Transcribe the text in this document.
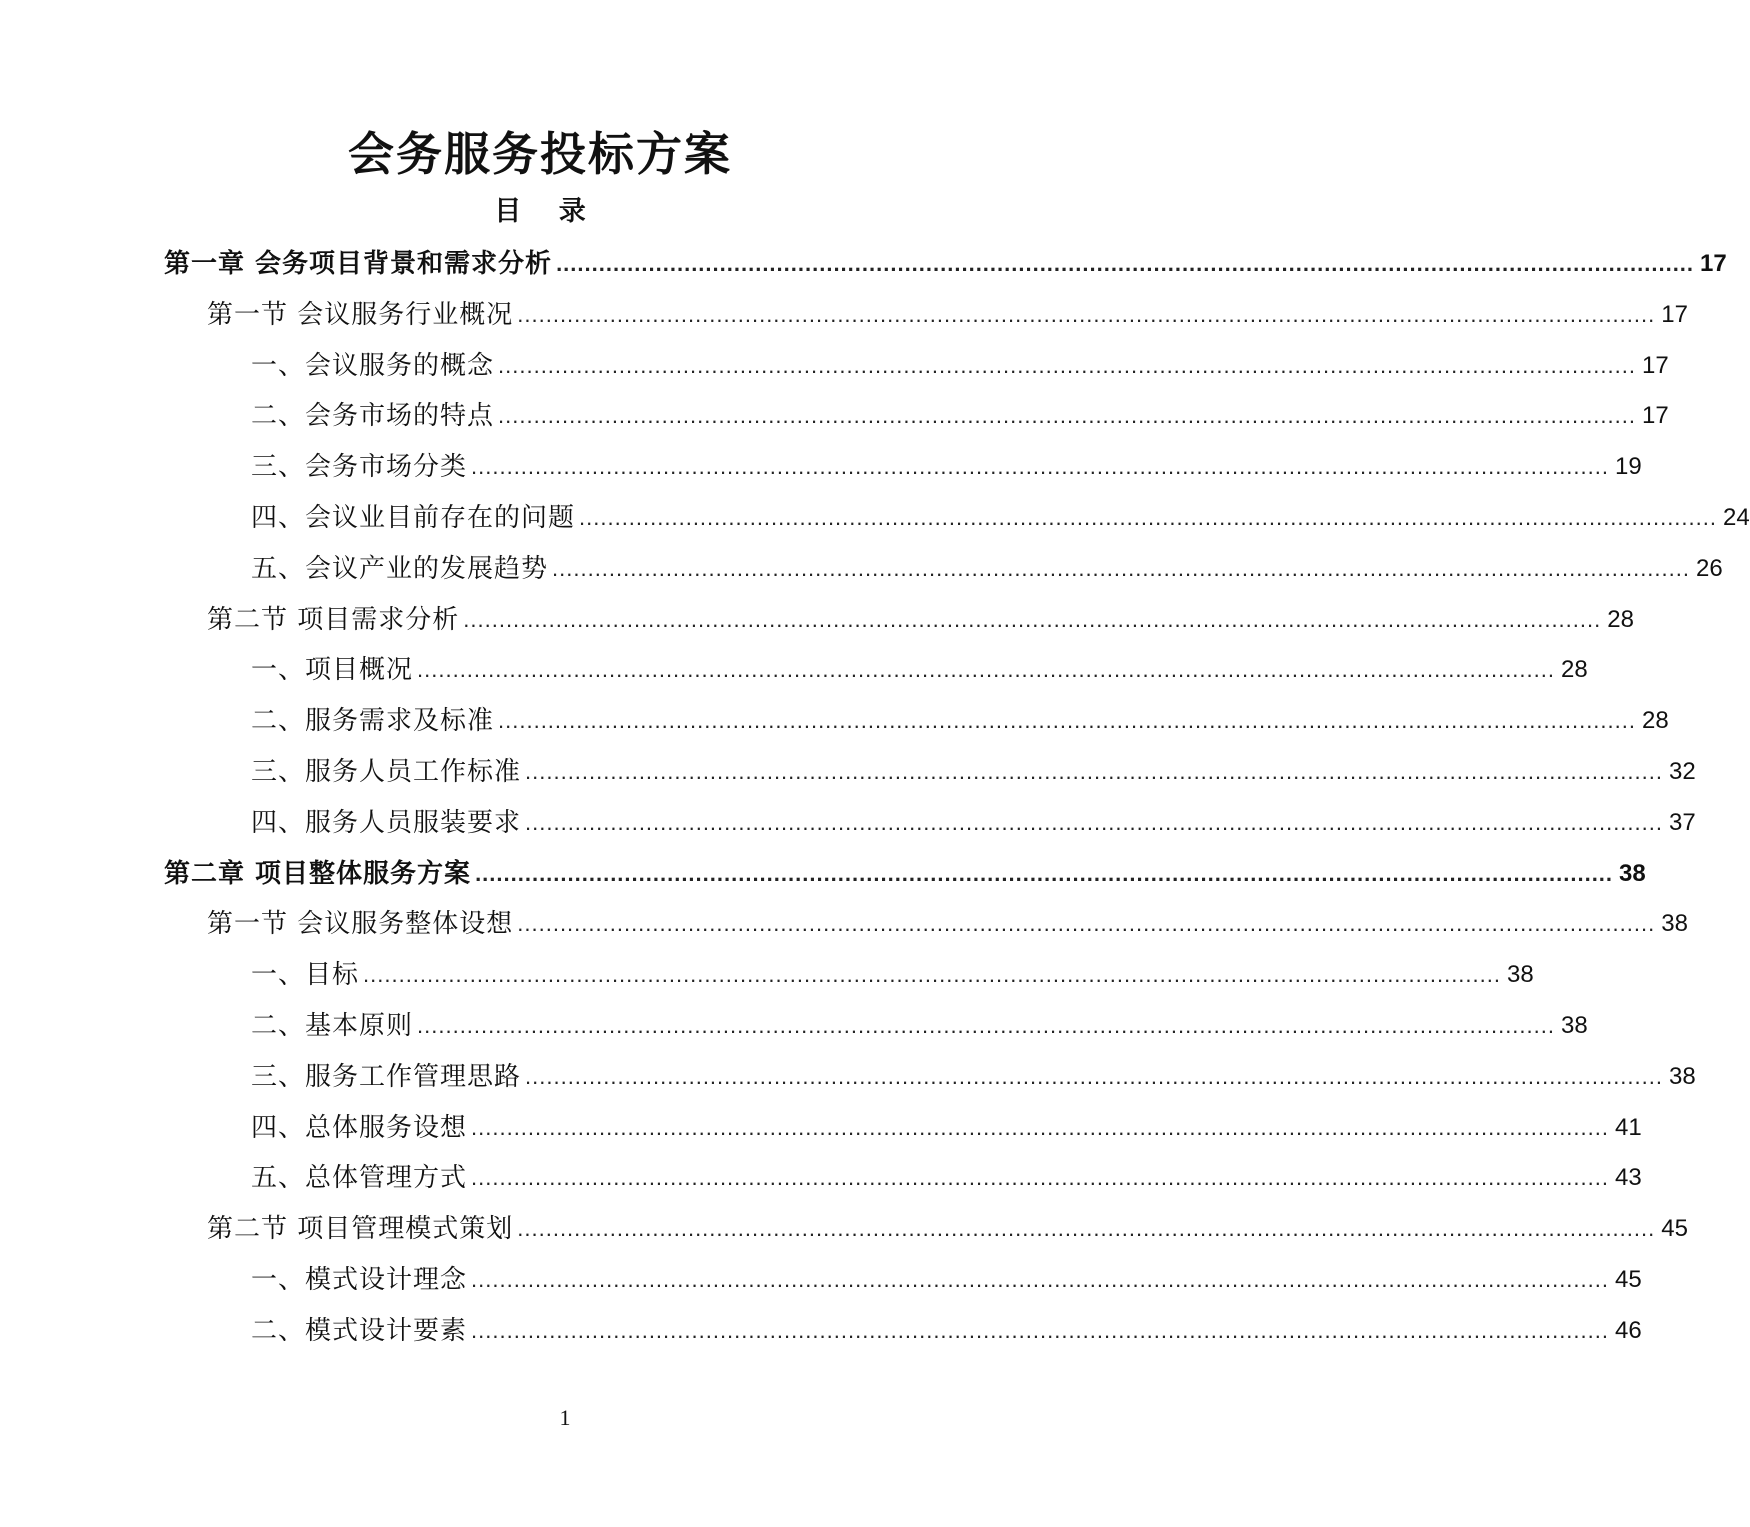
会务服务投标方案
目 录
第一章 会务项目背景和需求分析 ................................................................................................................................................................ 17
第一节 会议服务行业概况 ................................................................................................................................................................ 17
一、会议服务的概念 ................................................................................................................................................................ 17
二、会务市场的特点 ................................................................................................................................................................ 17
三、会务市场分类 ................................................................................................................................................................ 19
四、会议业目前存在的问题 ................................................................................................................................................................ 24
五、会议产业的发展趋势 ................................................................................................................................................................ 26
第二节 项目需求分析 ................................................................................................................................................................ 28
一、项目概况 ................................................................................................................................................................ 28
二、服务需求及标准 ................................................................................................................................................................ 28
三、服务人员工作标准 ................................................................................................................................................................ 32
四、服务人员服装要求 ................................................................................................................................................................ 37
第二章 项目整体服务方案 ................................................................................................................................................................ 38
第一节 会议服务整体设想 ................................................................................................................................................................ 38
一、目标 ................................................................................................................................................................ 38
二、基本原则 ................................................................................................................................................................ 38
三、服务工作管理思路 ................................................................................................................................................................ 38
四、总体服务设想 ................................................................................................................................................................ 41
五、总体管理方式 ................................................................................................................................................................ 43
第二节 项目管理模式策划 ................................................................................................................................................................ 45
一、模式设计理念 ................................................................................................................................................................ 45
二、模式设计要素 ................................................................................................................................................................ 46
1
